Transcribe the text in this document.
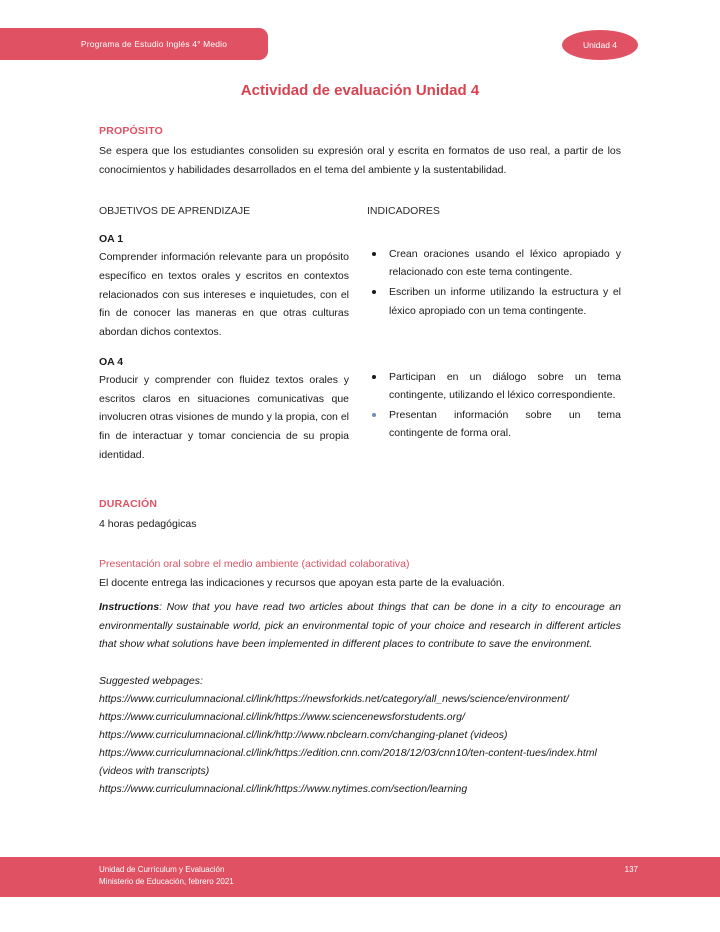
Programa de Estudio Inglés 4° Medio	Unidad 4
Actividad de evaluación Unidad 4
PROPÓSITO

Se espera que los estudiantes consoliden su expresión oral y escrita en formatos de uso real, a partir de los conocimientos y habilidades desarrollados en el tema del ambiente y la sustentabilidad.

OBJETIVOS DE APRENDIZAJE	INDICADORES
OA 1

Comprender información relevante para un propósito específico en textos orales y escritos en contextos relacionados con sus intereses e inquietudes, con el fin de conocer las maneras en que otras culturas abordan dichos contextos.

Crean oraciones usando el léxico apropiado y relacionado con este tema contingente.
Escriben un informe utilizando la estructura y el léxico apropiado con un tema contingente.
OA 4

Producir y comprender con fluidez textos orales y escritos claros en situaciones comunicativas que involucren otras visiones de mundo y la propia, con el fin de interactuar y tomar conciencia de su propia identidad.

Participan en un diálogo sobre un tema contingente, utilizando el léxico correspondiente.
Presentan información sobre un tema contingente de forma oral.
DURACIÓN

4 horas pedagógicas

Presentación oral sobre el medio ambiente (actividad colaborativa)

El docente entrega las indicaciones y recursos que apoyan esta parte de la evaluación.

Instructions: Now that you have read two articles about things that can be done in a city to encourage an environmentally sustainable world, pick an environmental topic of your choice and research in different articles that show what solutions have been implemented in different places to contribute to save the environment.

Suggested webpages:

https://www.curriculumnacional.cl/link/https://newsforkids.net/category/all_news/science/environment/

https://www.curriculumnacional.cl/link/https://www.sciencenewsforstudents.org/

https://www.curriculumnacional.cl/link/http://www.nbclearn.com/changing-planet (videos)

https://www.curriculumnacional.cl/link/https://edition.cnn.com/2018/12/03/cnn10/ten-content-tues/index.html (videos with transcripts)

https://www.curriculumnacional.cl/link/https://www.nytimes.com/section/learning

Unidad de Currículum y Evaluación
Ministerio de Educación, febrero 2021
137
